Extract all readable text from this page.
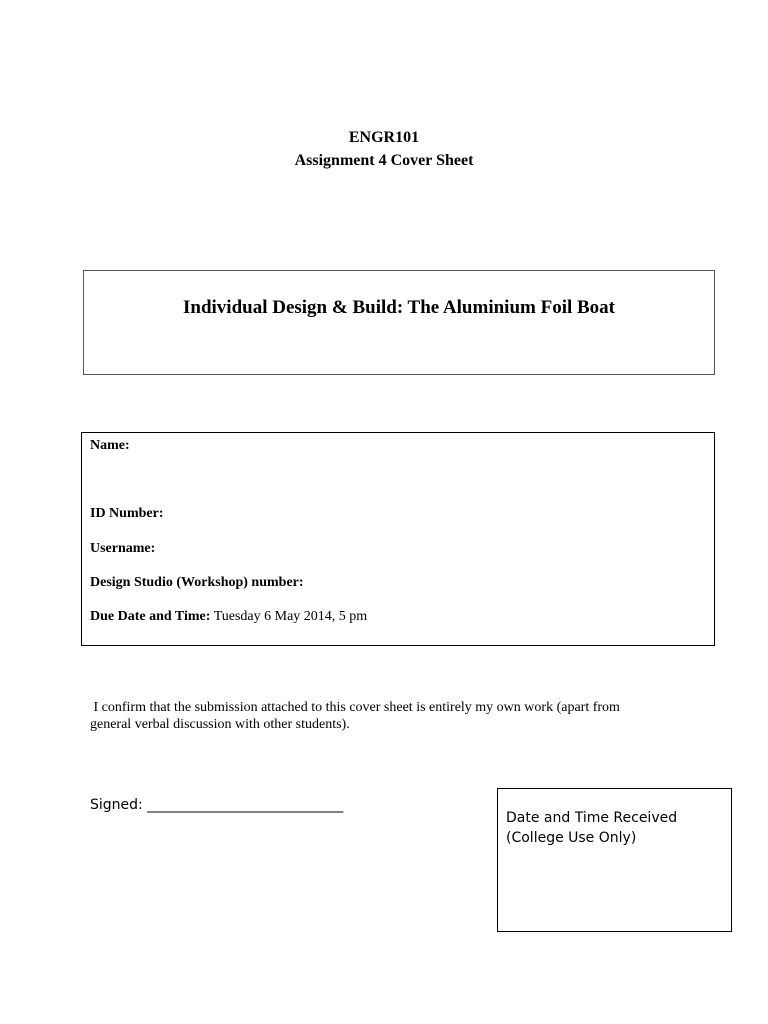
ENGR101
Assignment 4 Cover Sheet
Individual Design & Build: The Aluminium Foil Boat
Name:
ID Number:
Username:
Design Studio (Workshop) number:
Due Date and Time: Tuesday 6 May 2014, 5 pm
I confirm that the submission attached to this cover sheet is entirely my own work (apart from
general verbal discussion with other students).
Signed: ____________________________
Date and Time Received
(College Use Only)
